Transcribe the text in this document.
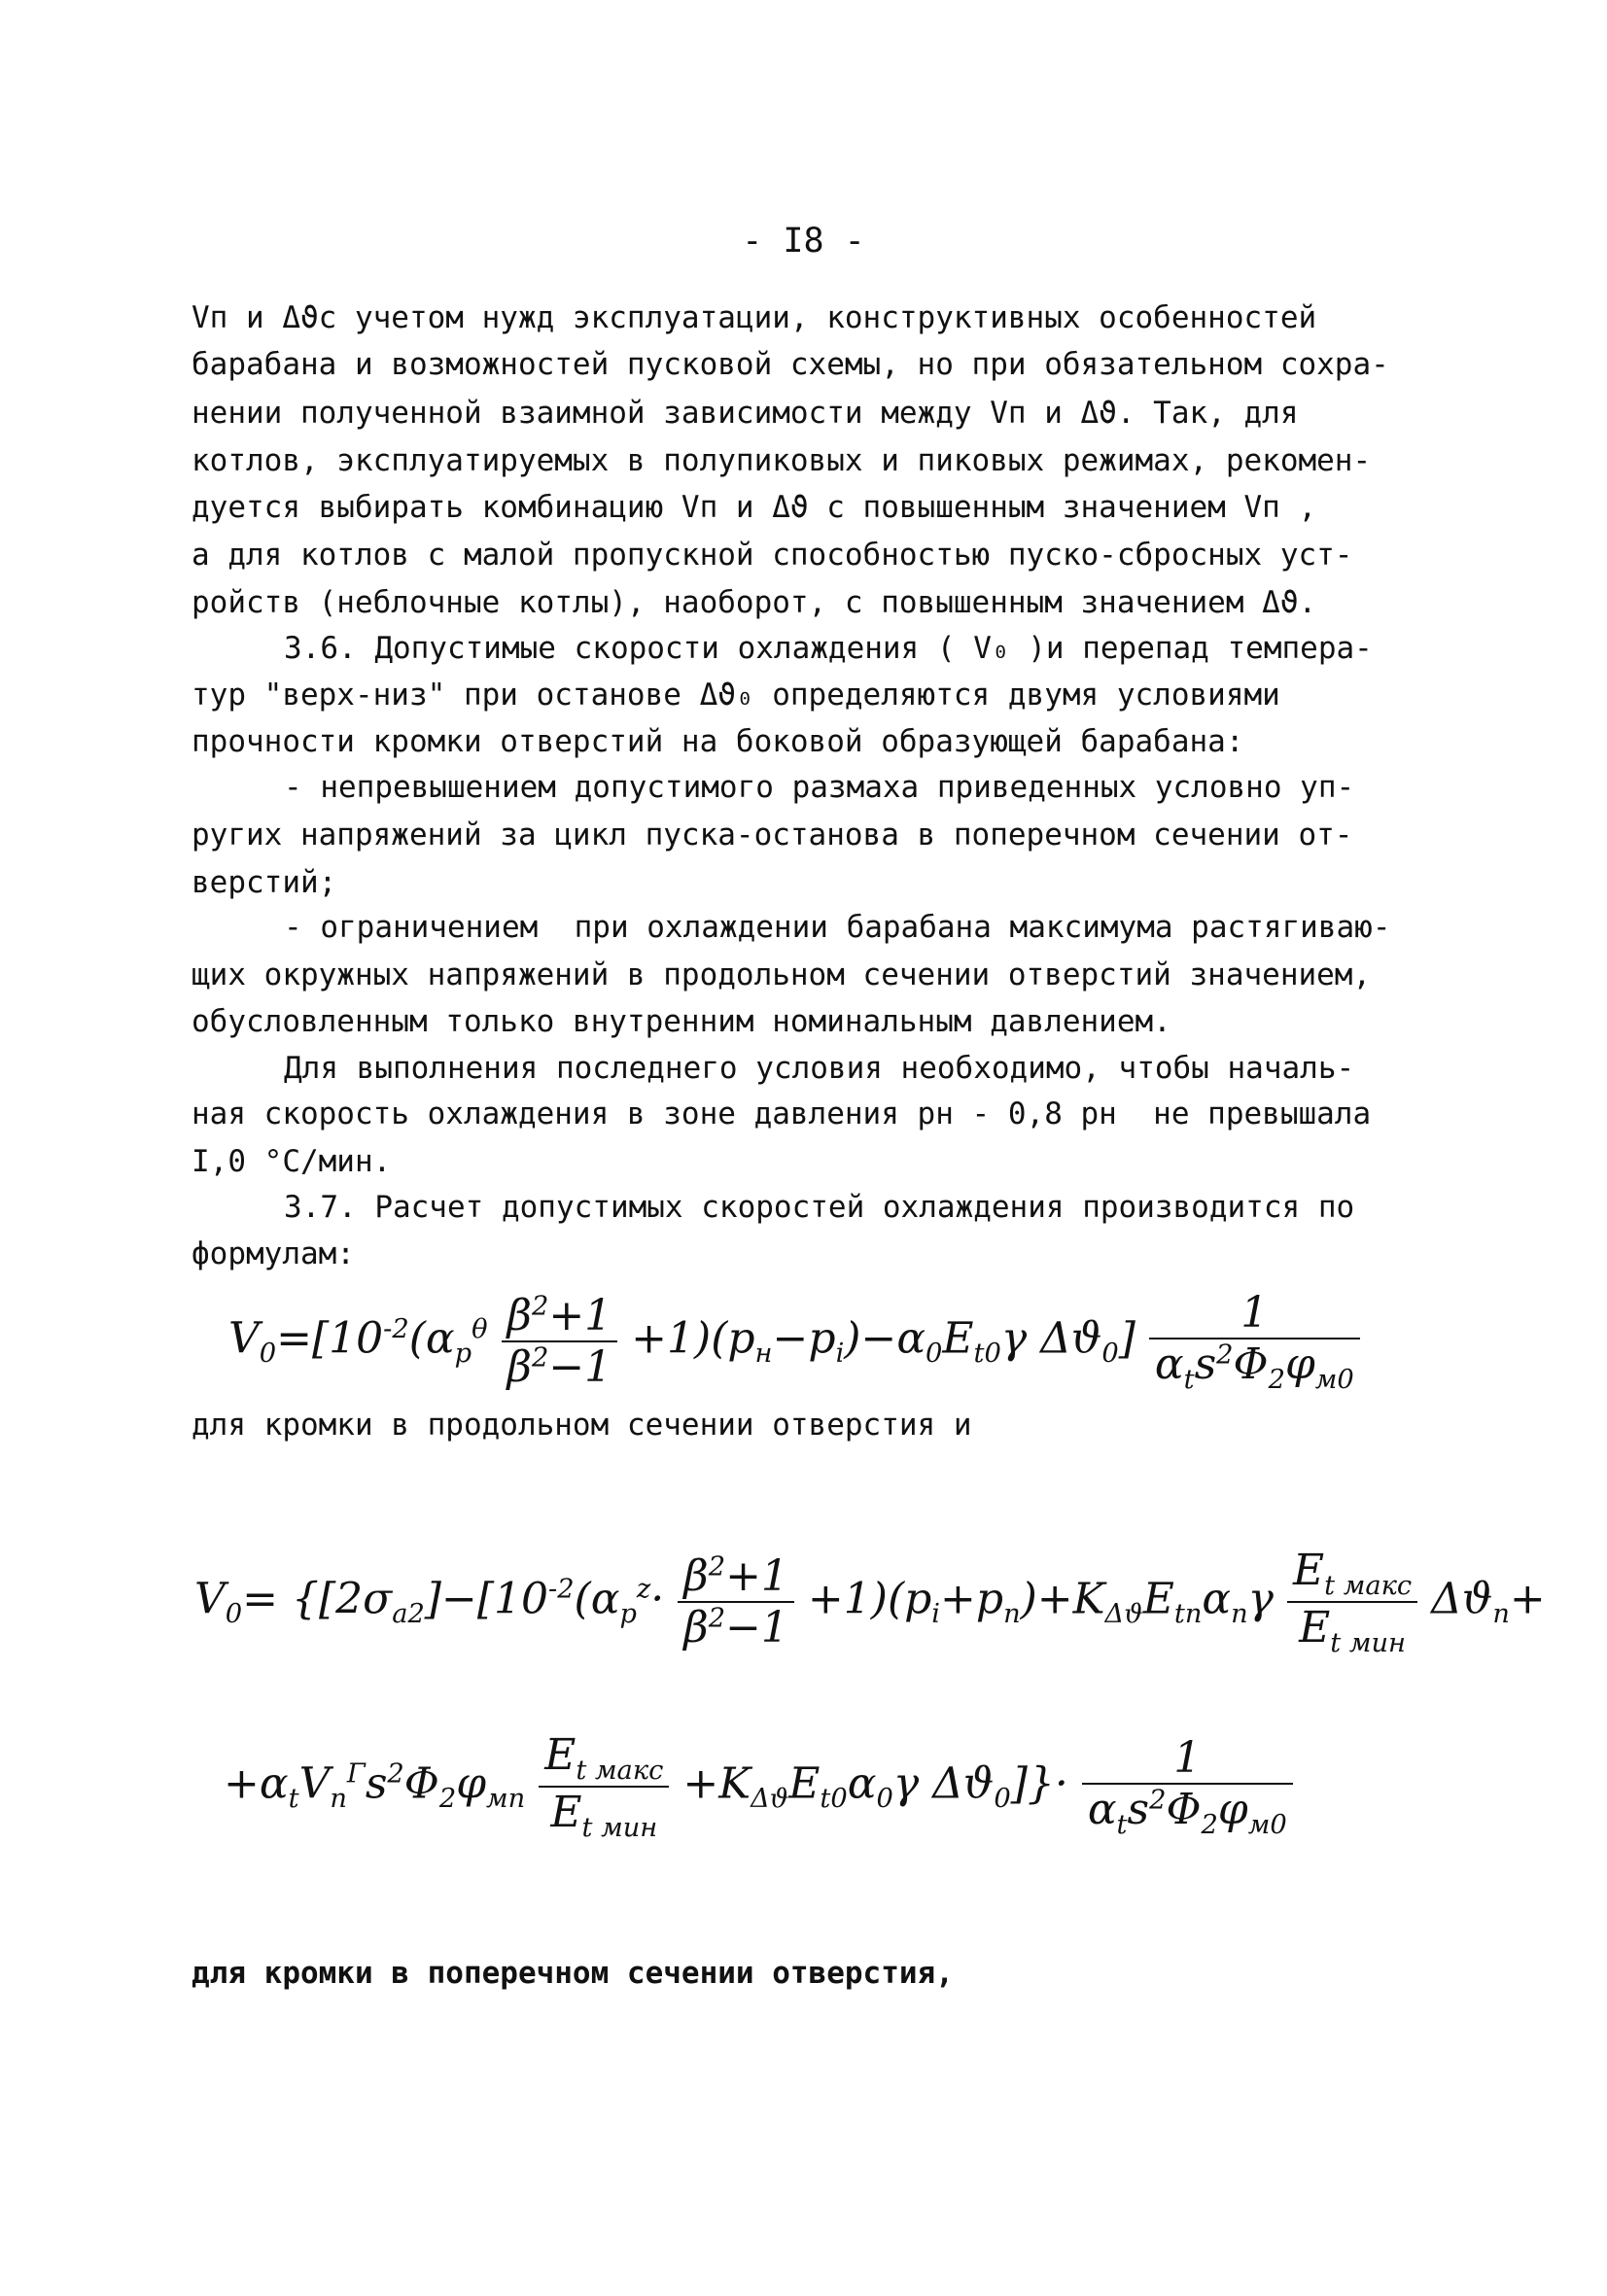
- I8 -
Vп и Δϑс учетом нужд эксплуатации, конструктивных особенностей
барабана и возможностей пусковой схемы, но при обязательном сохра-
нении полученной взаимной зависимости между Vп и Δϑ. Так, для
котлов, эксплуатируемых в полупиковых и пиковых режимах, рекомен-
дуется выбирать комбинацию Vп и Δϑ с повышенным значением Vп ,
а для котлов с малой пропускной способностью пуско-сбросных уст-
ройств (неблочные котлы), наоборот, с повышенным значением Δϑ.
3.6. Допустимые скорости охлаждения ( V₀ )и перепад темпера-
тур "верх-низ" при останове Δϑ₀ определяются двумя условиями
прочности кромки отверстий на боковой образующей барабана:
- непревышением допустимого размаха приведенных условно уп-
ругих напряжений за цикл пуска-останова в поперечном сечении от-
верстий;
- ограничением  при охлаждении барабана максимума растягиваю-
щих окружных напряжений в продольном сечении отверстий значением,
обусловленным только внутренним номинальным давлением.
Для выполнения последнего условия необходимо, чтобы началь-
ная скорость охлаждения в зоне давления pн - 0,8 pн  не превышала
I,0 °С/мин.
3.7. Расчет допустимых скоростей охлаждения производится по
формулам:
$V_0=[10^{-2}(\alpha_p^\theta \frac{\beta^2+1}{\beta^2-1} +1)(p_н-p_i)-\alpha_0E_{t0}\gamma$ $\Delta ϑ_0] \frac{1}{\alpha_ts^2\Phi_2\varphi_{м0}}$
для кромки в продольном сечении отверстия и
$V_0= \{[2\sigma_{a2}]-[10^{-2}(\alpha_p^z\cdot \frac{\beta^2+1}{\beta^2-1} +1)(p_i+p_n)+K_{\Delta ϑ}E_{tn}\alpha_n\gamma \frac{E_{t макс}}{E_{t мин}} \Delta ϑ_n+$
$+\alpha_tV_n^\Gamma s^2\Phi_2\varphi_{мп} \frac{E_{t макс}}{E_{t мин}} +K_{\Delta ϑ}E_{t0}\alpha_0\gamma$ $\Delta ϑ_0]\}\cdot \frac{1}{\alpha_ts^2\Phi_2\varphi_{м0}}$
для кромки в поперечном сечении отверстия,
